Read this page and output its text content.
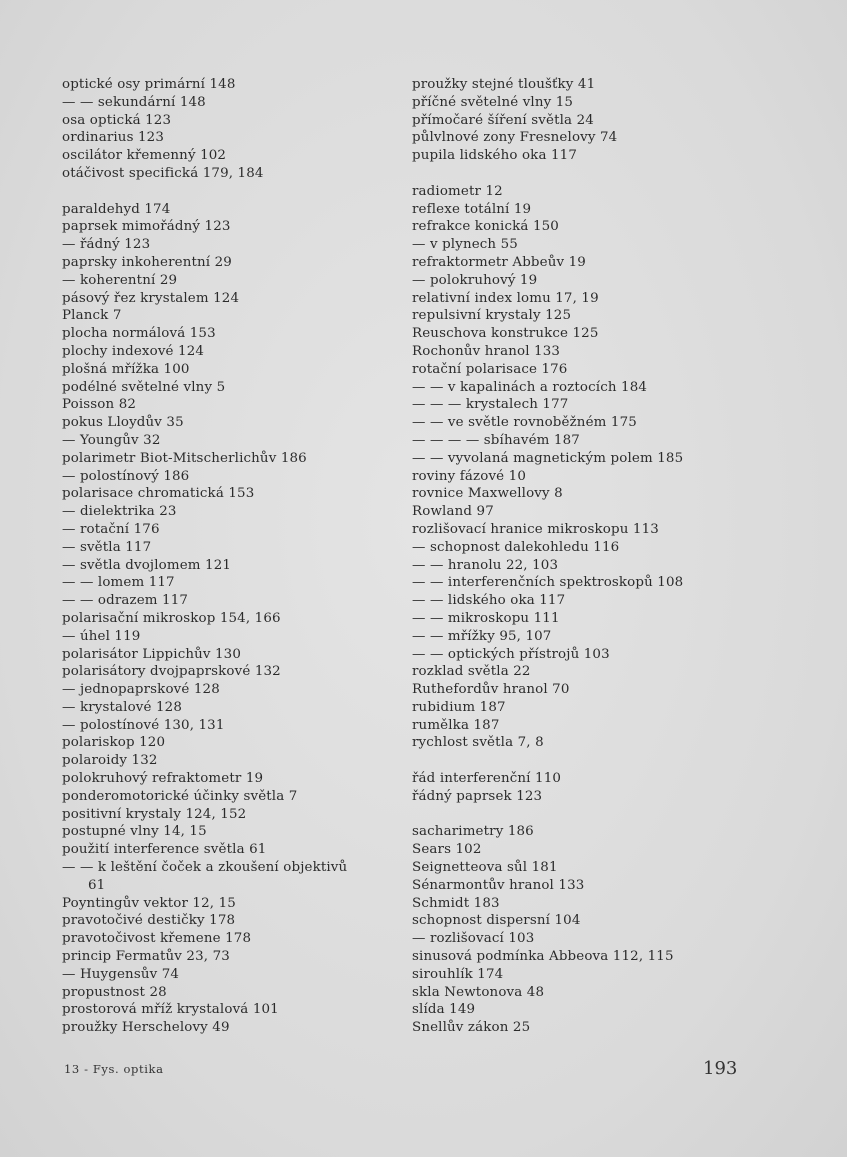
optické osy primární 148
— — sekundární 148
osa optická 123
ordinarius 123
oscilátor křemenný 102
otáčivost specifická 179, 184
paraldehyd 174
paprsek mimořádný 123
— řádný 123
paprsky inkoherentní 29
— koherentní 29
pásový řez krystalem 124
Planck 7
plocha normálová 153
plochy indexové 124
plošná mřížka 100
podélné světelné vlny 5
Poisson 82
pokus Lloydův 35
— Youngův 32
polarimetr Biot-Mitscherlichův 186
— polostínový 186
polarisace chromatická 153
— dielektrika 23
— rotační 176
— světla 117
— světla dvojlomem 121
— — lomem 117
— — odrazem 117
polarisační mikroskop 154, 166
— úhel 119
polarisátor Lippichův 130
polarisátory dvojpaprskové 132
— jednopaprskové 128
— krystalové 128
— polostínové 130, 131
polariskop 120
polaroidy 132
polokruhový refraktometr 19
ponderomotorické účinky světla 7
positivní krystaly 124, 152
postupné vlny 14, 15
použití interference světla 61
— — k leštění čoček a zkoušení objektivů
61
Poyntingův vektor 12, 15
pravotočivé destičky 178
pravotočivost křemene 178
princip Fermatův 23, 73
— Huygensův 74
propustnost 28
prostorová mříž krystalová 101
proužky Herschelovy 49
proužky stejné tloušťky 41
příčné světelné vlny 15
přímočaré šíření světla 24
půlvlnové zony Fresnelovy 74
pupila lidského oka 117
radiometr 12
reflexe totální 19
refrakce konická 150
— v plynech 55
refraktormetr Abbeův 19
— polokruhový 19
relativní index lomu 17, 19
repulsivní krystaly 125
Reuschova konstrukce 125
Rochonův hranol 133
rotační polarisace 176
— — v kapalinách a roztocích 184
— — — krystalech 177
— — ve světle rovnoběžném 175
— — — — sbíhavém 187
— — vyvolaná magnetickým polem 185
roviny fázové 10
rovnice Maxwellovy 8
Rowland 97
rozlišovací hranice mikroskopu 113
— schopnost dalekohledu 116
— — hranolu 22, 103
— — interferenčních spektroskopů 108
— — lidského oka 117
— — mikroskopu 111
— — mřížky 95, 107
— — optických přístrojů 103
rozklad světla 22
Ruthefordův hranol 70
rubidium 187
rumělka 187
rychlost světla 7, 8
řád interferenční 110
řádný paprsek 123
sacharimetry 186
Sears 102
Seignetteova sůl 181
Sénarmontův hranol 133
Schmidt 183
schopnost dispersní 104
— rozlišovací 103
sinusová podmínka Abbeova 112, 115
sirouhlík 174
skla Newtonova 48
slída 149
Snellův zákon 25
13 - Fys. optika	193
